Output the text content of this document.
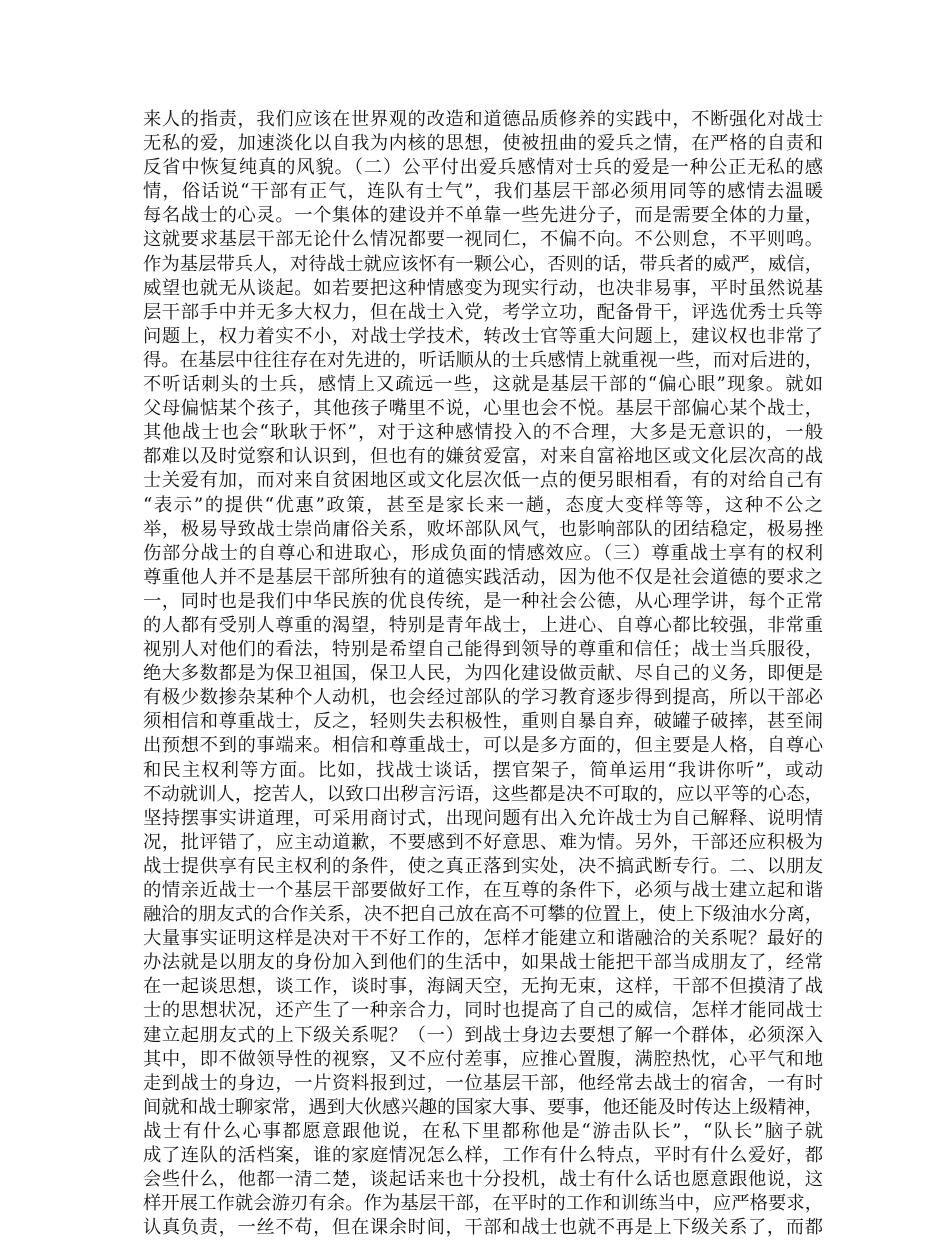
来人的指责，我们应该在世界观的改造和道德品质修养的实践中，不断强化对战士
无私的爱，加速淡化以自我为内核的思想，使被扭曲的爱兵之情，在严格的自责和
反省中恢复纯真的风貌。（二）公平付出爱兵感情对士兵的爱是一种公正无私的感
情，俗话说“干部有正气，连队有士气”，我们基层干部必须用同等的感情去温暖
每名战士的心灵。一个集体的建设并不单靠一些先进分子，而是需要全体的力量，
这就要求基层干部无论什么情况都要一视同仁，不偏不向。不公则怠，不平则鸣。
作为基层带兵人，对待战士就应该怀有一颗公心，否则的话，带兵者的威严，威信，
威望也就无从谈起。如若要把这种情感变为现实行动，也决非易事，平时虽然说基
层干部手中并无多大权力，但在战士入党，考学立功，配备骨干，评选优秀士兵等
问题上，权力着实不小，对战士学技术，转改士官等重大问题上，建议权也非常了
得。在基层中往往存在对先进的，听话顺从的士兵感情上就重视一些，而对后进的，
不听话刺头的士兵，感情上又疏远一些，这就是基层干部的“偏心眼”现象。就如
父母偏惦某个孩子，其他孩子嘴里不说，心里也会不悦。基层干部偏心某个战士，
其他战士也会“耿耿于怀”，对于这种感情投入的不合理，大多是无意识的，一般
都难以及时觉察和认识到，但也有的嫌贫爱富，对来自富裕地区或文化层次高的战
士关爱有加，而对来自贫困地区或文化层次低一点的便另眼相看，有的对给自己有
“表示”的提供“优惠”政策，甚至是家长来一趟，态度大变样等等，这种不公之
举，极易导致战士崇尚庸俗关系，败坏部队风气，也影响部队的团结稳定，极易挫
伤部分战士的自尊心和进取心，形成负面的情感效应。（三）尊重战士享有的权利
尊重他人并不是基层干部所独有的道德实践活动，因为他不仅是社会道德的要求之
一，同时也是我们中华民族的优良传统，是一种社会公德，从心理学讲，每个正常
的人都有受别人尊重的渴望，特别是青年战士，上进心、自尊心都比较强，非常重
视别人对他们的看法，特别是希望自己能得到领导的尊重和信任；战士当兵服役，
绝大多数都是为保卫祖国，保卫人民，为四化建设做贡献、尽自己的义务，即便是
有极少数掺杂某种个人动机，也会经过部队的学习教育逐步得到提高，所以干部必
须相信和尊重战士，反之，轻则失去积极性，重则自暴自弃，破罐子破摔，甚至闹
出预想不到的事端来。相信和尊重战士，可以是多方面的，但主要是人格，自尊心
和民主权利等方面。比如，找战士谈话，摆官架子，简单运用“我讲你听”，或动
不动就训人，挖苦人，以致口出秽言污语，这些都是决不可取的，应以平等的心态，
坚持摆事实讲道理，可采用商讨式，出现问题有出入允许战士为自己解释、说明情
况，批评错了，应主动道歉，不要感到不好意思、难为情。另外，干部还应积极为
战士提供享有民主权利的条件，使之真正落到实处，决不搞武断专行。二、以朋友
的情亲近战士一个基层干部要做好工作，在互尊的条件下，必须与战士建立起和谐
融洽的朋友式的合作关系，决不把自己放在高不可攀的位置上，使上下级油水分离，
大量事实证明这样是决对干不好工作的，怎样才能建立和谐融洽的关系呢？最好的
办法就是以朋友的身份加入到他们的生活中，如果战士能把干部当成朋友了，经常
在一起谈思想，谈工作，谈时事，海阔天空，无拘无束，这样，干部不但摸清了战
士的思想状况，还产生了一种亲合力，同时也提高了自己的威信，怎样才能同战士
建立起朋友式的上下级关系呢？（一）到战士身边去要想了解一个群体，必须深入
其中，即不做领导性的视察，又不应付差事，应推心置腹，满腔热忱，心平气和地
走到战士的身边，一片资料报到过，一位基层干部，他经常去战士的宿舍，一有时
间就和战士聊家常，遇到大伙感兴趣的国家大事、要事，他还能及时传达上级精神，
战士有什么心事都愿意跟他说，在私下里都称他是“游击队长”，“队长”脑子就
成了连队的活档案，谁的家庭情况怎么样，工作有什么特点，平时有什么爱好，都
会些什么，他都一清二楚，谈起话来也十分投机，战士有什么话也愿意跟他说，这
样开展工作就会游刃有余。作为基层干部，在平时的工作和训练当中，应严格要求，
认真负责，一丝不苟，但在课余时间，干部和战士也就不再是上下级关系了，而都
